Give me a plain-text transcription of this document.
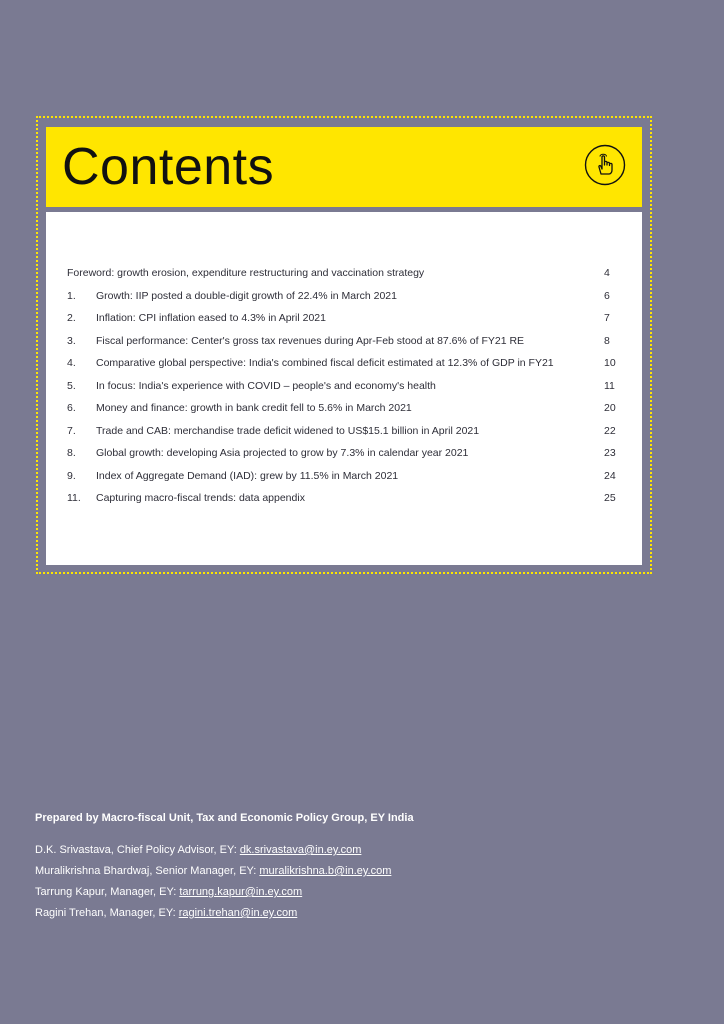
Contents
Foreword: growth erosion, expenditure restructuring and vaccination strategy	4
1. Growth: IIP posted a double-digit growth of 22.4% in March 2021	6
2. Inflation: CPI inflation eased to 4.3% in April 2021	7
3. Fiscal performance: Center's gross tax revenues during Apr-Feb stood at 87.6% of FY21 RE	8
4. Comparative global perspective: India's combined fiscal deficit estimated at 12.3% of GDP in FY21	10
5. In focus: India's experience with COVID – people's and economy's health	11
6. Money and finance: growth in bank credit fell to 5.6% in March 2021	20
7. Trade and CAB: merchandise trade deficit widened to US$15.1 billion in April 2021	22
8. Global growth: developing Asia projected to grow by 7.3% in calendar year 2021	23
9. Index of Aggregate Demand (IAD): grew by 11.5% in March 2021	24
11. Capturing macro-fiscal trends: data appendix	25
Prepared by Macro-fiscal Unit, Tax and Economic Policy Group, EY India
D.K. Srivastava, Chief Policy Advisor, EY: dk.srivastava@in.ey.com
Muralikrishna Bhardwaj, Senior Manager, EY: muralikrishna.b@in.ey.com
Tarrung Kapur, Manager, EY: tarrung.kapur@in.ey.com
Ragini Trehan, Manager, EY: ragini.trehan@in.ey.com
